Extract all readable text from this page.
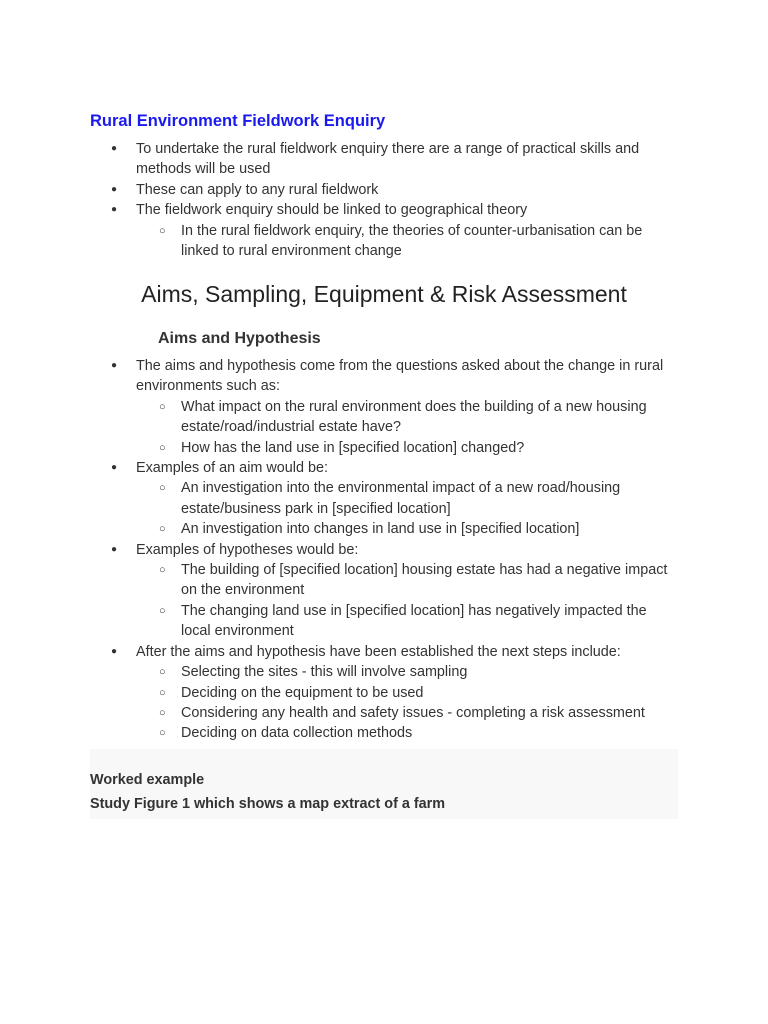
Rural Environment Fieldwork Enquiry
● To undertake the rural fieldwork enquiry there are a range of practical skills and methods will be used
● These can apply to any rural fieldwork
● The fieldwork enquiry should be linked to geographical theory
○ In the rural fieldwork enquiry, the theories of counter-urbanisation can be linked to rural environment change
Aims, Sampling, Equipment & Risk Assessment
Aims and Hypothesis
● The aims and hypothesis come from the questions asked about the change in rural environments such as:
○ What impact on the rural environment does the building of a new housing estate/road/industrial estate have?
○ How has the land use in [specified location] changed?
● Examples of an aim would be:
○ An investigation into the environmental impact of a new road/housing estate/business park in [specified location]
○ An investigation into changes in land use in [specified location]
● Examples of hypotheses would be:
○ The building of [specified location] housing estate has had a negative impact on the environment
○ The changing land use in [specified location] has negatively impacted the local environment
● After the aims and hypothesis have been established the next steps include:
○ Selecting the sites - this will involve sampling
○ Deciding on the equipment to be used
○ Considering any health and safety issues - completing a risk assessment
○ Deciding on data collection methods

Worked example

Study Figure 1 which shows a map extract of a farm
